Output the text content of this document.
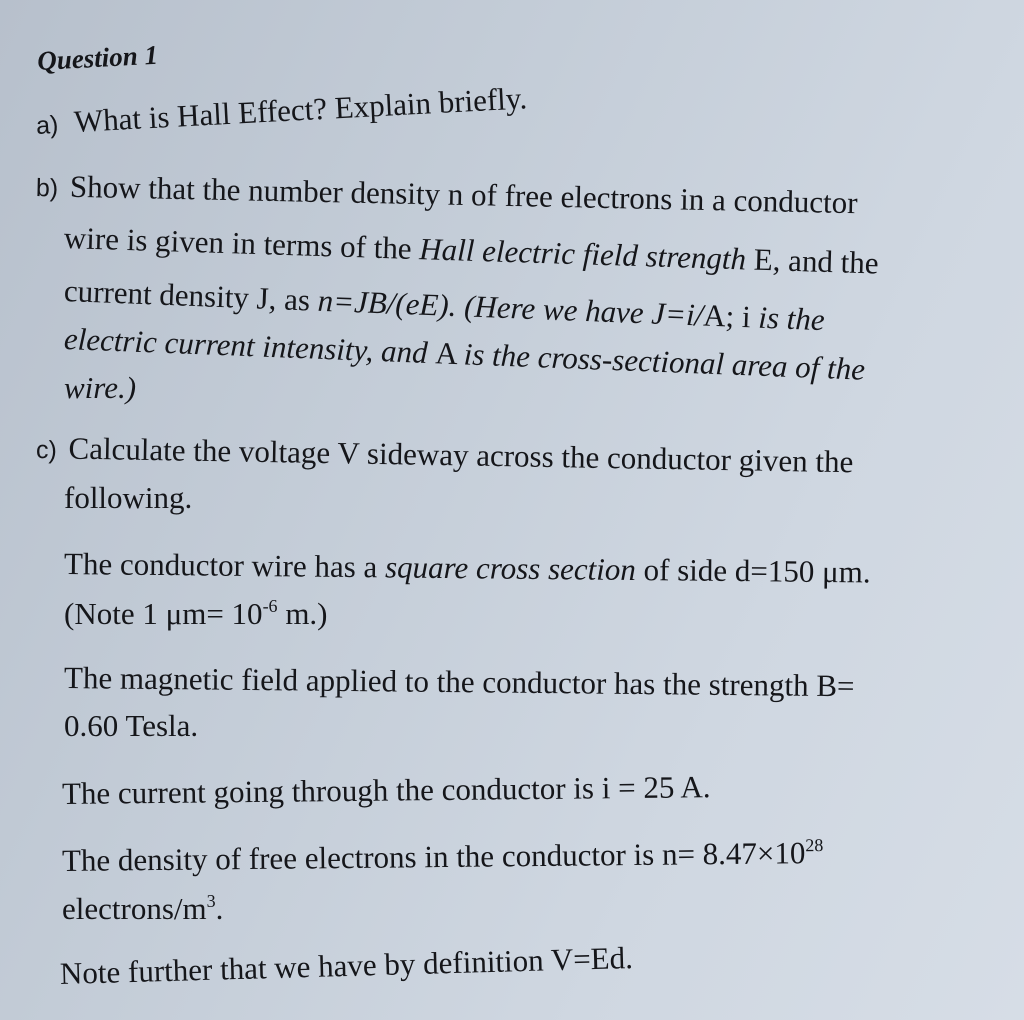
Question 1
a) What is Hall Effect? Explain briefly.
b) Show that the number density n of free electrons in a conductor
wire is given in terms of the Hall electric field strength E, and the
current density J, as n=JB/(eE). (Here we have J=i/A; i is the
electric current intensity, and A is the cross-sectional area of the
wire.)
c) Calculate the voltage V sideway across the conductor given the
following.
The conductor wire has a square cross section of side d=150 μm.
(Note 1 $\mu m= 10^{-6}$ m.)
The magnetic field applied to the conductor has the strength B=
0.60 Tesla.
The current going through the conductor is i = 25 A.
The density of free electrons in the conductor is $n= 8.47\times 10^{28}$
electrons/$m^3$.
Note further that we have by definition V=Ed.
